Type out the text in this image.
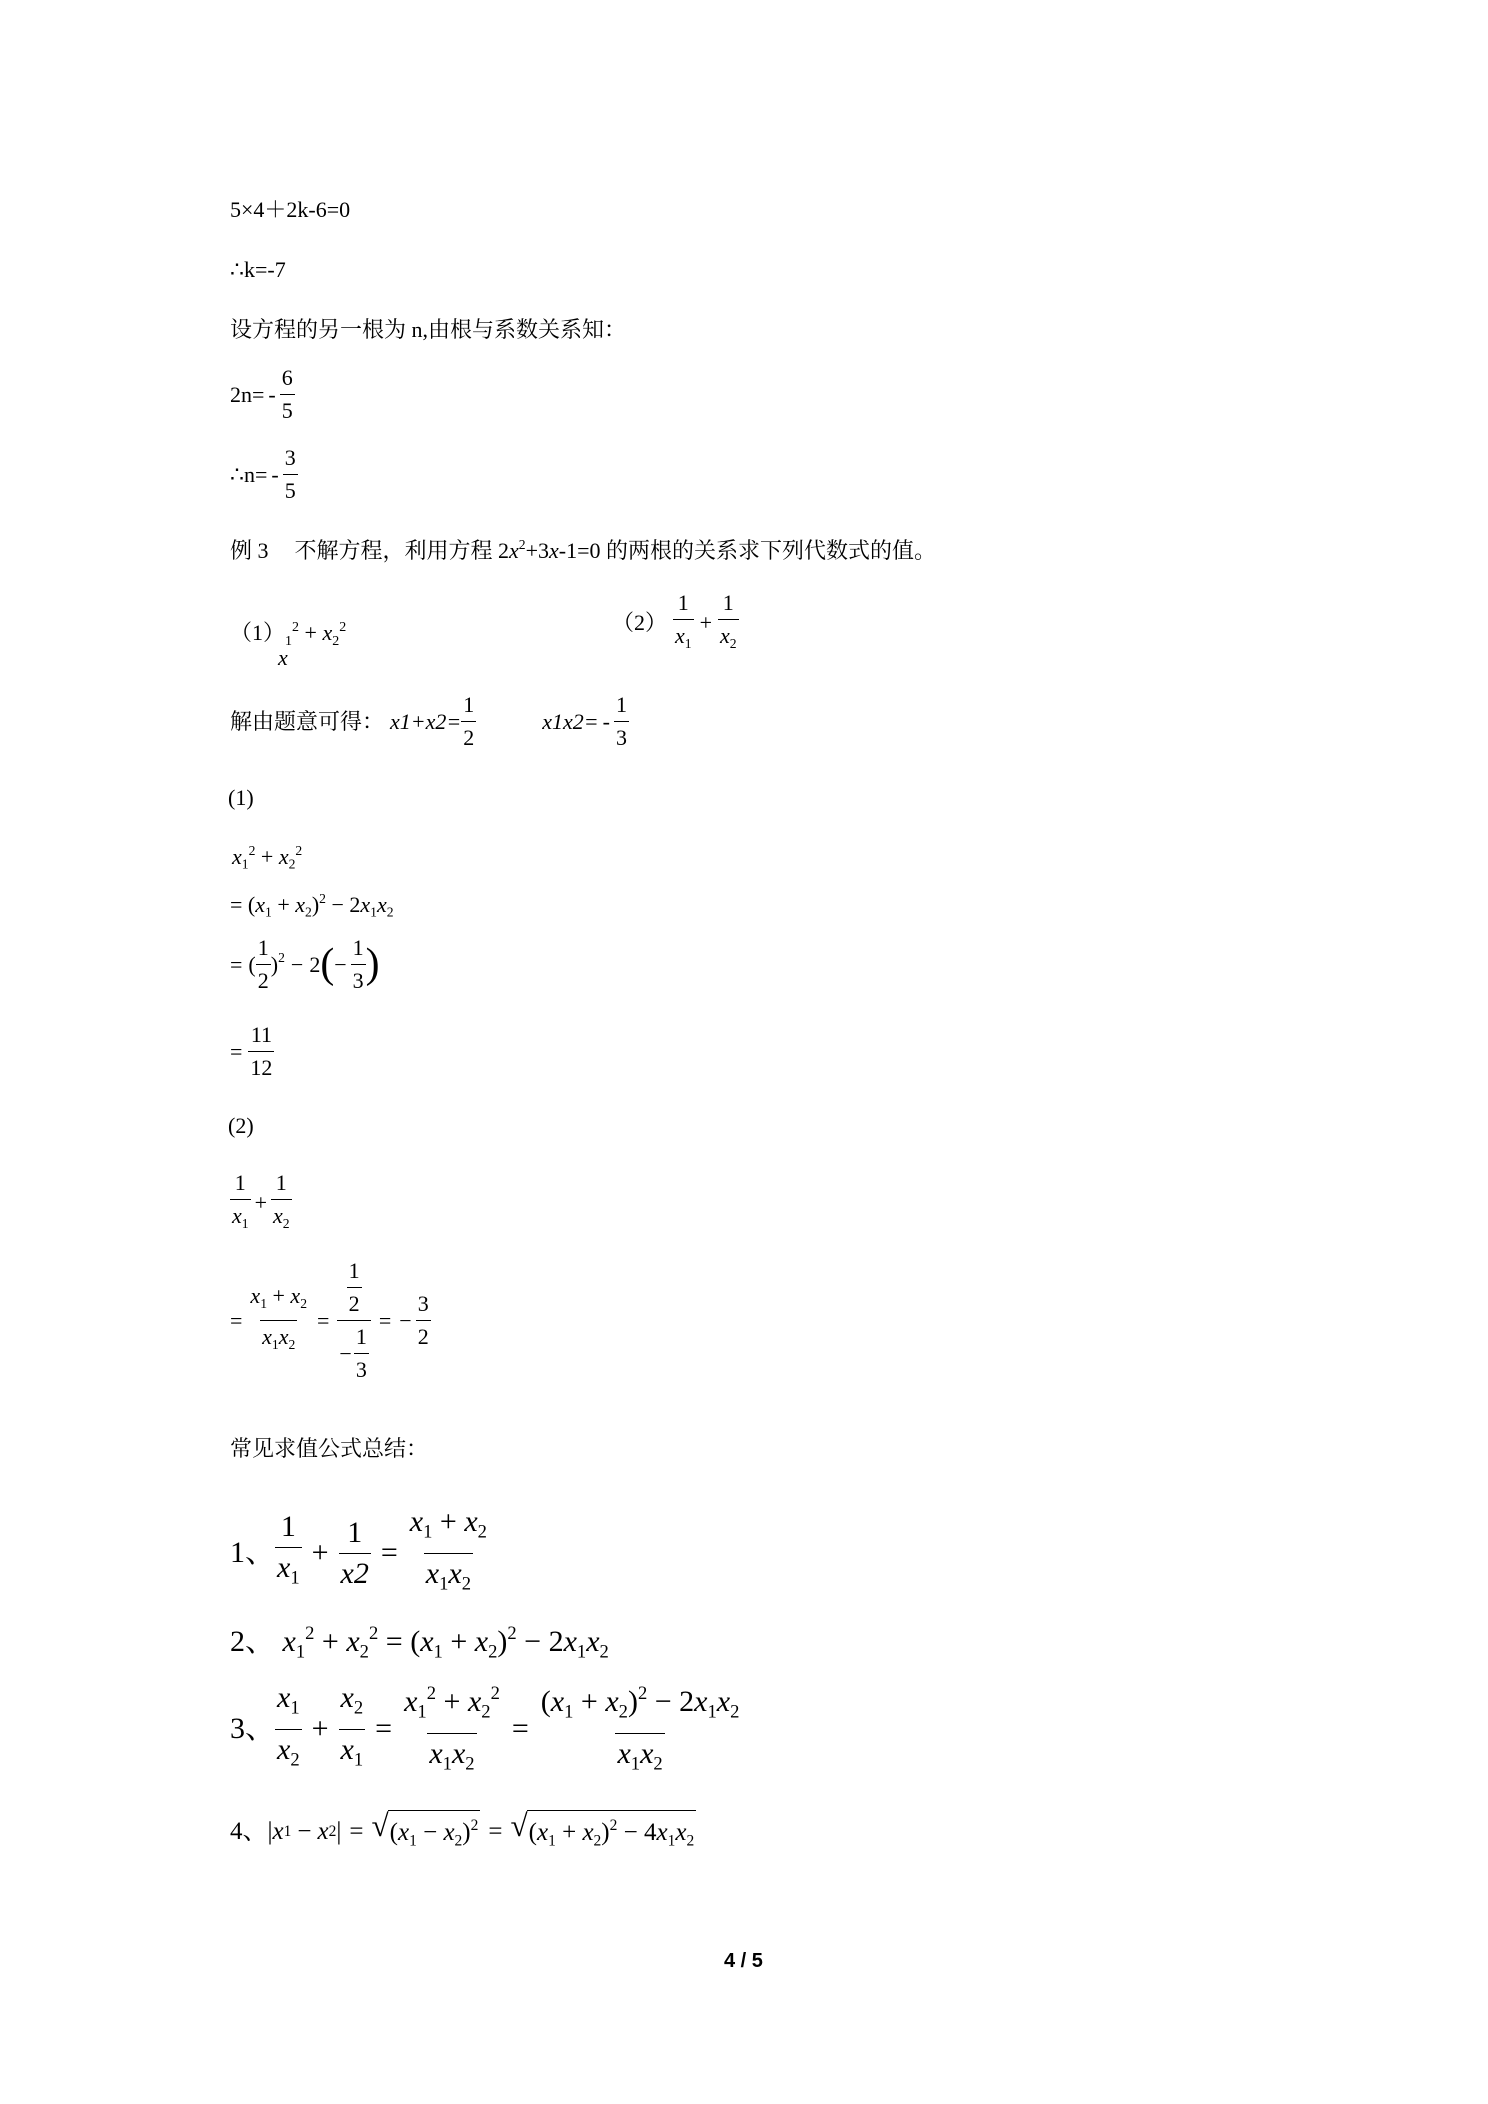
5×4＋2k-6=0
∴k=-7
设方程的另一根为 n,由根与系数关系知：
$2n= - \frac{6}{5}$
∴n= - $\frac{3}{5}$
例 3 不解方程，利用方程 $2x^2+3x-1=0$ 的两根的关系求下列代数式的值。
$(1)_1^2 + x_2^2$
x
$(2) \frac{1}{x_1} + \frac{1}{x_2}$
解由题意可得： $x1+x2= \frac{1}{2}$	$x1x2= - \frac{1}{3}$
(1)
$x_1^2 + x_2^2$
= $(x_1 + x_2)^2 - 2x_1x_2$
= ( $\frac{1}{2}$ ) 2 − 2 ( − $\frac{1}{3}$ )
= $\frac{11}{12}$
(2)
$\frac{1}{x_1} + \frac{1}{x_2}$
= $\frac{x_1 + x_2}{x_1x_2} = \frac{\frac{1}{2}}{- \frac{1}{3}}$ = − $\frac{3}{2}$
常见求值公式总结：
1、 $\frac{1}{x_1} + \frac{1}{x2} = \frac{x_1 + x_2}{x_1x_2}$
2、 $x_1^2 + x_2^2 = (x_1 + x_2)^2 - 2x_1x_2$
3、 $\frac{x_1}{x_2} + \frac{x_2}{x_1} = \frac{x_1^2 + x_2^2}{x_1x_2} = \frac{(x_1 + x_2)^2 - 2x_1x_2}{x_1x_2}$
4、 | x 1 − x 2 | = √ $(x_1 - x_2)^2$ = √ $(x_1 + x_2)^2 - 4x_1x_2$
4 / 5
